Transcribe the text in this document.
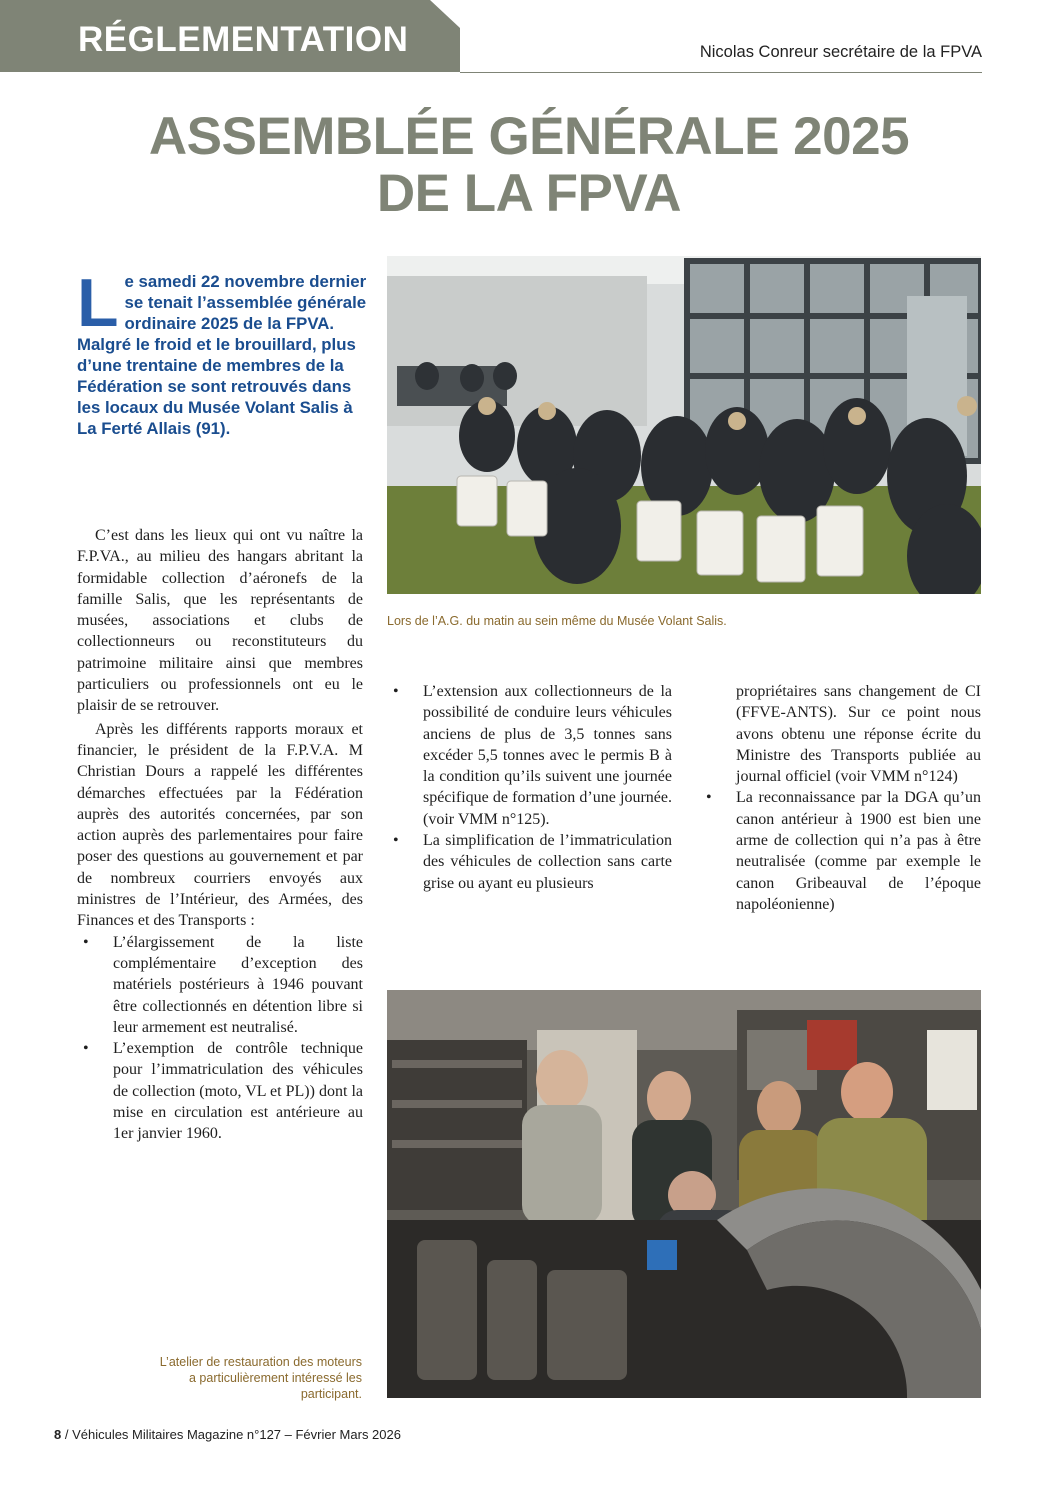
RÉGLEMENTATION	Nicolas Conreur secrétaire de la FPVA
ASSEMBLÉE GÉNÉRALE 2025
DE LA FPVA
Le samedi 22 novembre dernier se tenait l’assemblée générale ordinaire 2025 de la FPVA. Malgré le froid et le brouillard, plus d’une trentaine de membres de la Fédération se sont retrouvés dans les locaux du Musée Volant Salis à La Ferté Allais (91).

C’est dans les lieux qui ont vu naître la F.P.VA., au milieu des hangars abritant la formidable collection d’aéronefs de la famille Salis, que les représentants de musées, associations et clubs de collectionneurs ou reconstituteurs du patrimoine militaire ainsi que membres particuliers ou professionnels ont eu le plaisir de se retrouver.

Après les différents rapports moraux et financier, le président de la F.P.V.A. M Christian Dours a rappelé les différentes démarches effectuées par la Fédération auprès des autorités concernées, par son action auprès des parlementaires pour faire poser des questions au gouvernement et par de nombreux courriers envoyés aux ministres de l’Intérieur, des Armées, des Finances et des Transports :

• L’élargissement de la liste complémentaire d’exception des matériels postérieurs à 1946 pouvant être collectionnés en détention libre si leur armement est neutralisé.
• L’exemption de contrôle technique pour l’immatriculation des véhicules de collection (moto, VL et PL)) dont la mise en circulation est antérieure au 1er janvier 1960.
Lors de l’A.G. du matin au sein même du Musée Volant Salis.
• L’extension aux collectionneurs de la possibilité de conduire leurs véhicules anciens de plus de 3,5 tonnes sans excéder 5,5 tonnes avec le permis B à la condition qu’ils suivent une journée spécifique de formation d’une journée. (voir VMM n°125).
• La simplification de l’immatriculation des véhicules de collection sans carte grise ou ayant eu plusieurs
propriétaires sans changement de CI (FFVE-ANTS). Sur ce point nous avons obtenu une réponse écrite du Ministre des Transports publiée au journal officiel (voir VMM n°124)
• La reconnaissance par la DGA qu’un canon antérieur à 1900 est bien une arme de collection qui n’a pas à être neutralisée (comme par exemple le canon Gribeauval de l’époque napoléonienne)
L’atelier de restauration des moteurs a particulièrement intéressé les participant.
8 / Véhicules Militaires Magazine n°127 – Février Mars 2026
